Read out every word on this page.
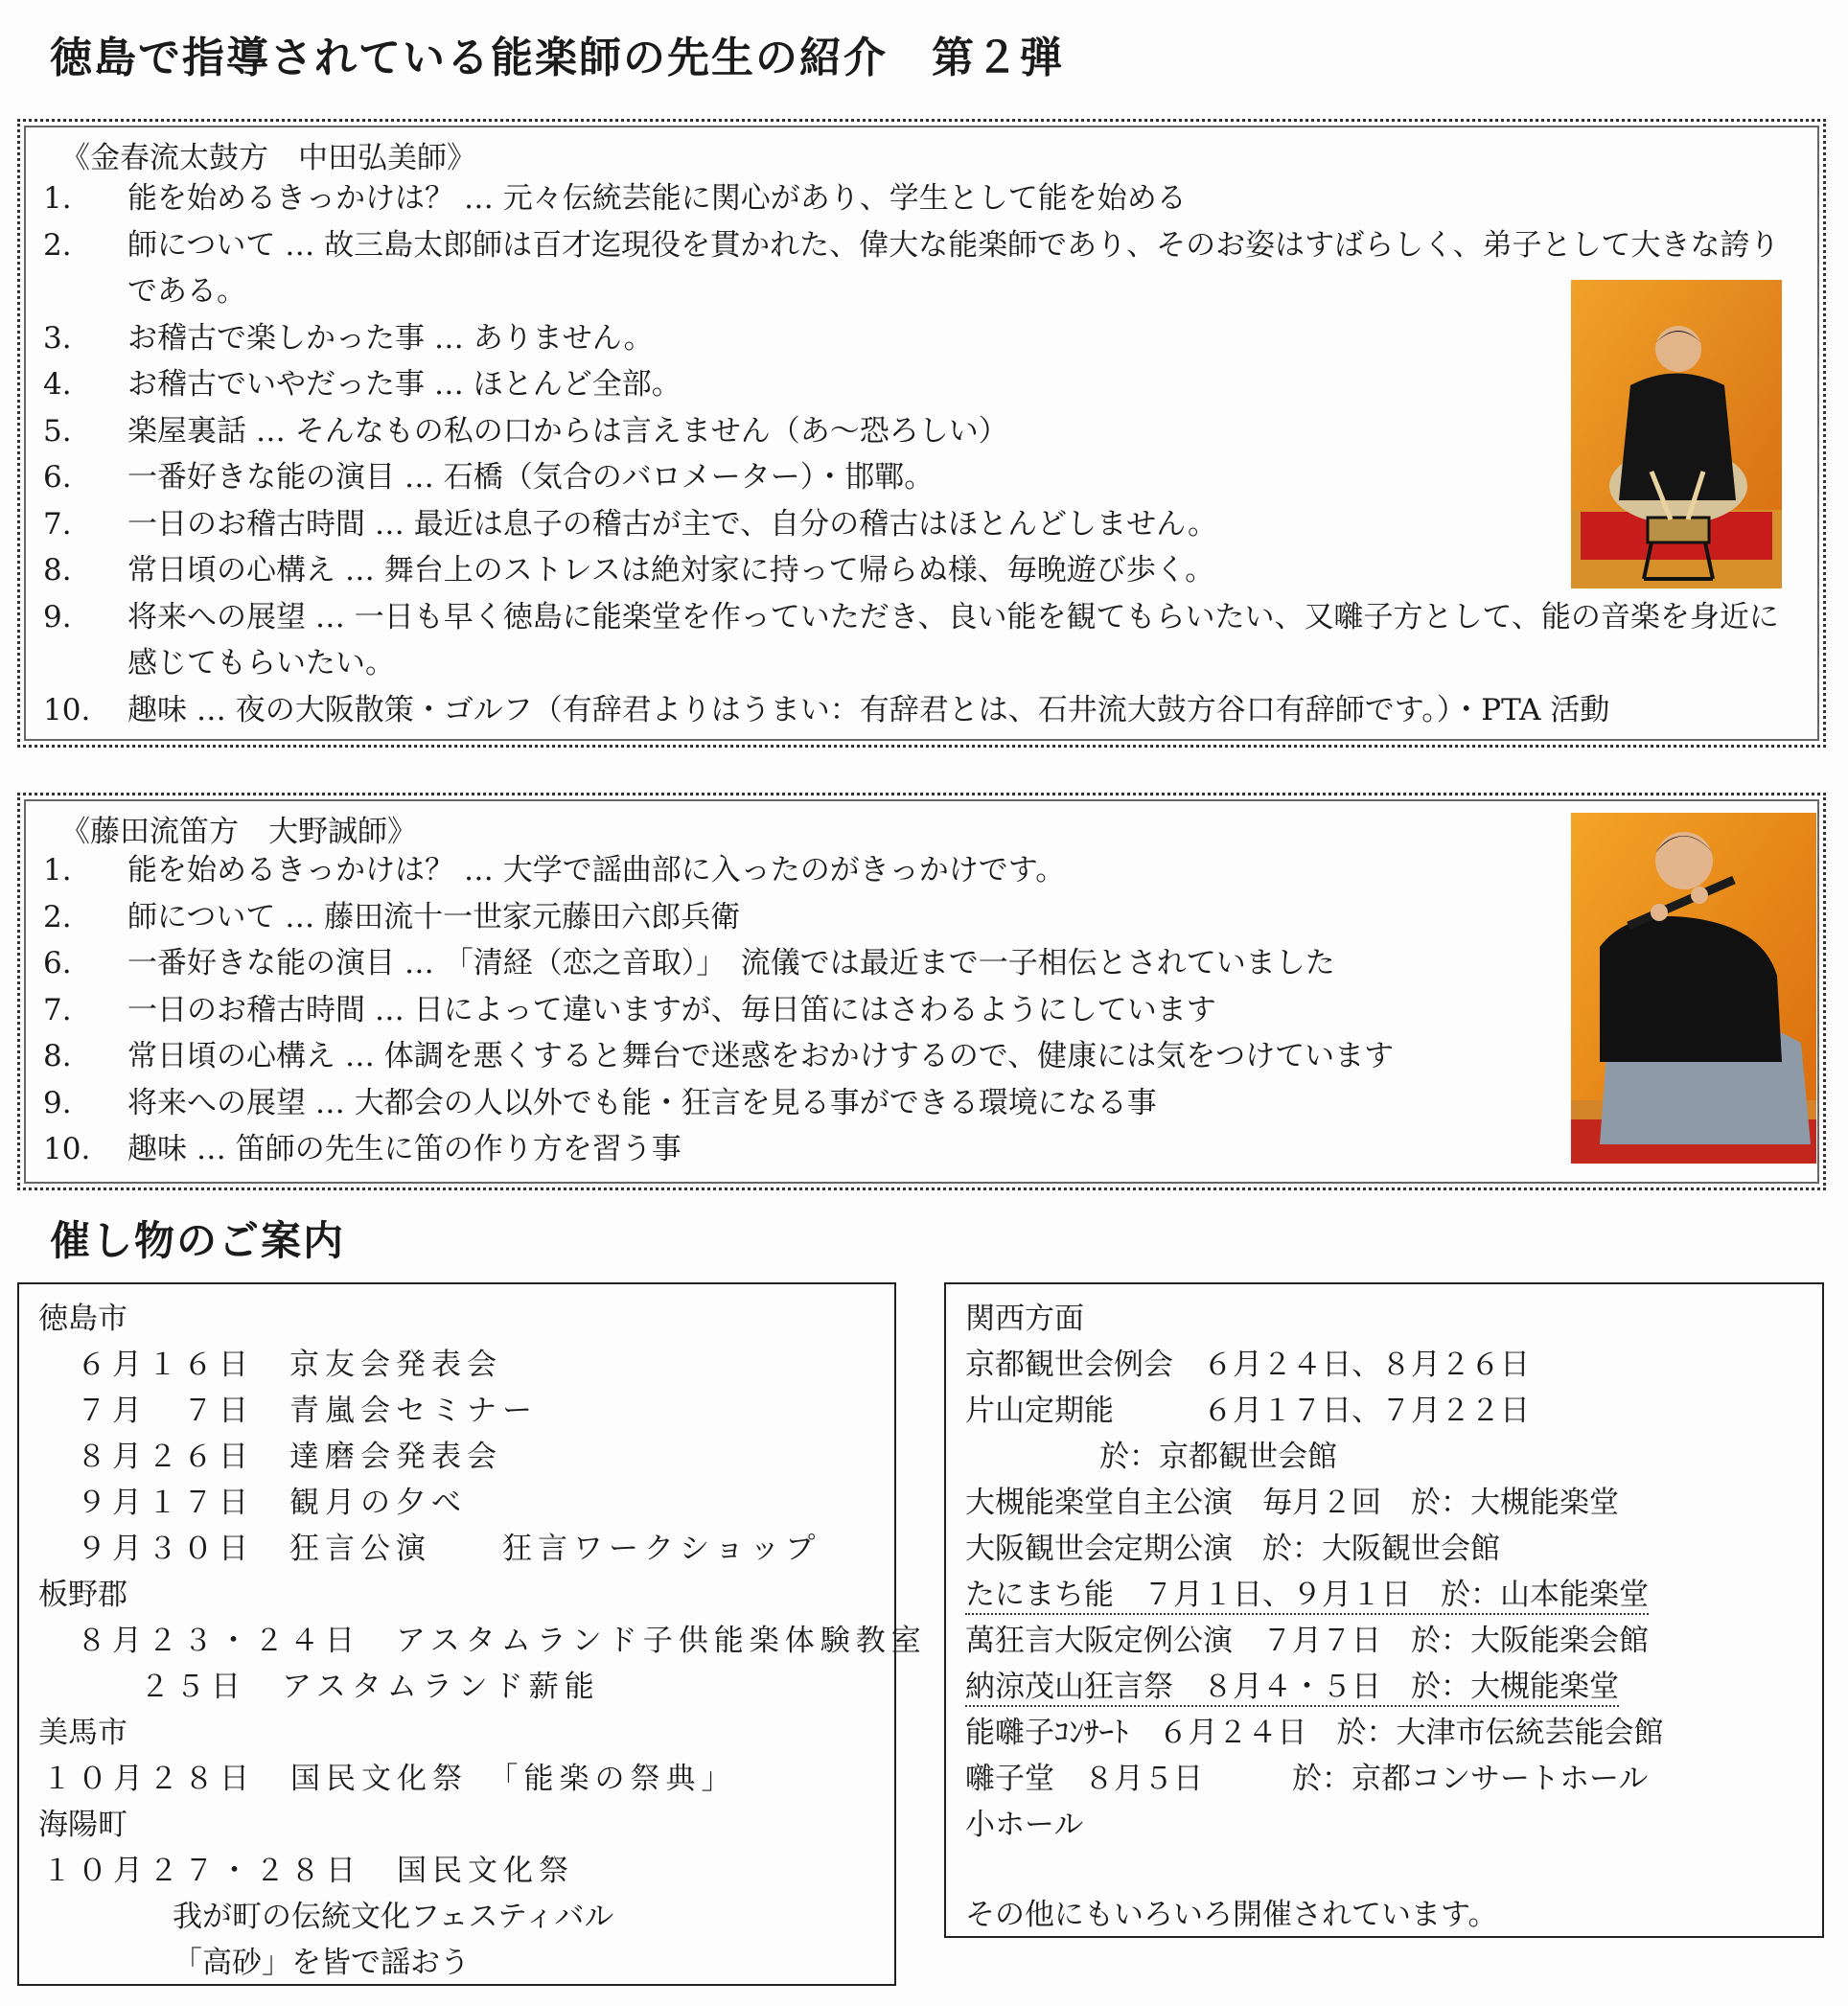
徳島で指導されている能楽師の先生の紹介　第２弾
《金春流太鼓方　中田弘美師》
1.	能を始めるきっかけは？ … 元々伝統芸能に関心があり、学生として能を始める
2.	師について … 故三島太郎師は百才迄現役を貫かれた、偉大な能楽師であり、そのお姿はすばらしく、弟子として大きな誇りである。
3.	お稽古で楽しかった事 … ありません。
4.	お稽古でいやだった事 … ほとんど全部。
5.	楽屋裏話 … そんなもの私の口からは言えません（あ～恐ろしい）
6.	一番好きな能の演目 … 石橋（気合のバロメーター）・邯鄲。
7.	一日のお稽古時間 … 最近は息子の稽古が主で、自分の稽古はほとんどしません。
8.	常日頃の心構え … 舞台上のストレスは絶対家に持って帰らぬ様、毎晩遊び歩く。
9.	将来への展望 … 一日も早く徳島に能楽堂を作っていただき、良い能を観てもらいたい、又囃子方として、能の音楽を身近に感じてもらいたい。
10.	趣味 … 夜の大阪散策・ゴルフ（有辞君よりはうまい：有辞君とは、石井流大鼓方谷口有辞師です。）・PTA 活動
《藤田流笛方　大野誠師》
1.	能を始めるきっかけは？ … 大学で謡曲部に入ったのがきっかけです。
2.	師について … 藤田流十一世家元藤田六郎兵衛
6.	一番好きな能の演目 … 「清経（恋之音取）」　流儀では最近まで一子相伝とされていました
7.	一日のお稽古時間 … 日によって違いますが、毎日笛にはさわるようにしています
8.	常日頃の心構え … 体調を悪くすると舞台で迷惑をおかけするので、健康には気をつけています
9.	将来への展望 … 大都会の人以外でも能・狂言を見る事ができる環境になる事
10.	趣味 … 笛師の先生に笛の作り方を習う事
催し物のご案内
徳島市
６月１６日　京友会発表会
７月　７日　青嵐会セミナー
８月２６日　達磨会発表会
９月１７日　観月の夕べ
９月３０日　狂言公演　　狂言ワークショップ
板野郡
８月２３・２４日　アスタムランド子供能楽体験教室
２５日　アスタムランド薪能
美馬市
１０月２８日　国民文化祭　「能楽の祭典」
海陽町
１０月２７・２８日　国民文化祭
我が町の伝統文化フェスティバル
「高砂」を皆で謡おう
関西方面
京都観世会例会　６月２４日、８月２６日
片山定期能　　　６月１７日、７月２２日
於：京都観世会館
大槻能楽堂自主公演　毎月２回　於：大槻能楽堂
大阪観世会定期公演　於：大阪観世会館
たにまち能　７月１日、９月１日　於：山本能楽堂
萬狂言大阪定例公演　７月７日　於：大阪能楽会館
納涼茂山狂言祭　８月４・５日　於：大槻能楽堂
能囃子ｺﾝｻｰﾄ　６月２４日　於：大津市伝統芸能会館
囃子堂　８月５日　　　於：京都コンサートホール
小ホール
その他にもいろいろ開催されています。
